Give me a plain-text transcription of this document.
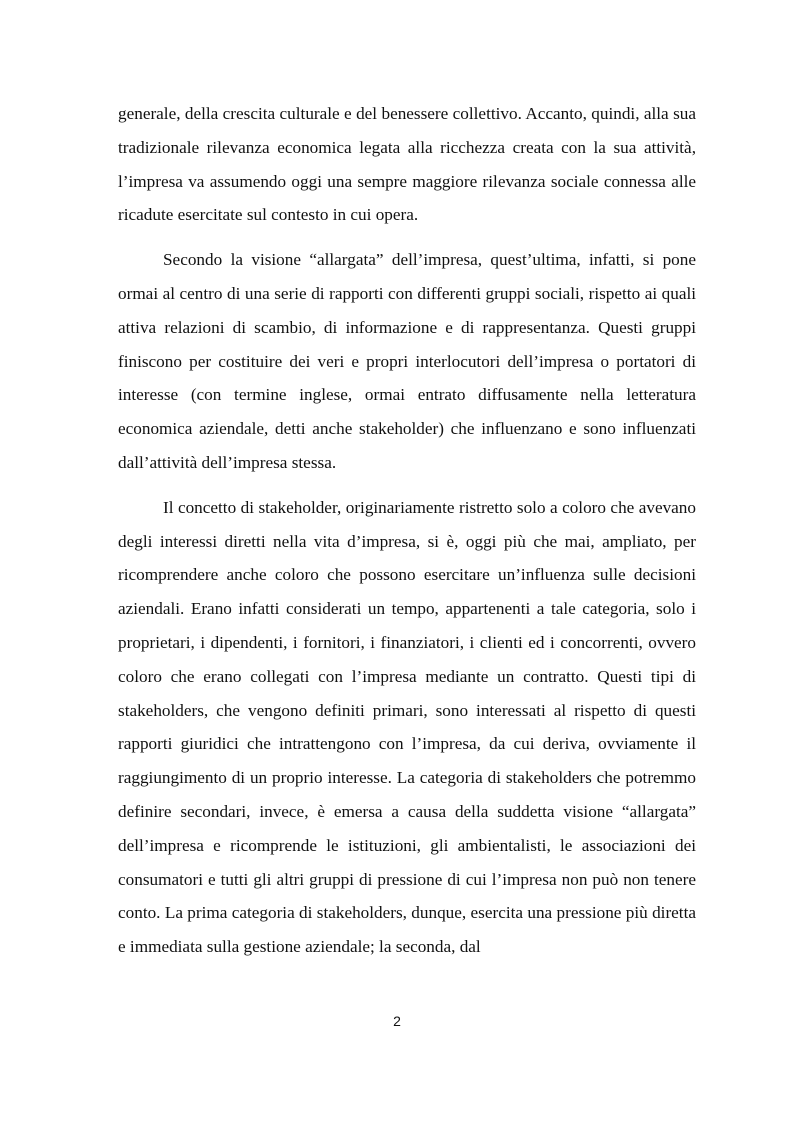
generale, della crescita culturale e del benessere collettivo. Accanto, quindi, alla sua tradizionale rilevanza economica legata alla ricchezza creata con la sua attività, l’impresa va assumendo oggi una sempre maggiore rilevanza sociale connessa alle ricadute esercitate sul contesto in cui opera.

Secondo la visione “allargata” dell’impresa, quest’ultima, infatti, si pone ormai al centro di una serie di rapporti con differenti gruppi sociali, rispetto ai quali attiva relazioni di scambio, di informazione e di rappresentanza. Questi gruppi finiscono per costituire dei veri e propri interlocutori dell’impresa o portatori di interesse (con termine inglese, ormai entrato diffusamente nella letteratura economica aziendale, detti anche stakeholder) che influenzano e sono influenzati dall’attività dell’impresa stessa.

Il concetto di stakeholder, originariamente ristretto solo a coloro che avevano degli interessi diretti nella vita d’impresa, si è, oggi più che mai, ampliato, per ricomprendere anche coloro che possono esercitare un’influenza sulle decisioni aziendali. Erano infatti considerati un tempo, appartenenti a tale categoria, solo i proprietari, i dipendenti, i fornitori, i finanziatori, i clienti ed i concorrenti, ovvero coloro che erano collegati con l’impresa mediante un contratto. Questi tipi di stakeholders, che vengono definiti primari, sono interessati al rispetto di questi rapporti giuridici che intrattengono con l’impresa, da cui deriva, ovviamente il raggiungimento di un proprio interesse. La categoria di stakeholders che potremmo definire secondari, invece, è emersa a causa della suddetta visione “allargata” dell’impresa e ricomprende le istituzioni, gli ambientalisti, le associazioni dei consumatori e tutti gli altri gruppi di pressione di cui l’impresa non può non tenere conto. La prima categoria di stakeholders, dunque, esercita una pressione più diretta e immediata sulla gestione aziendale; la seconda, dal

2
